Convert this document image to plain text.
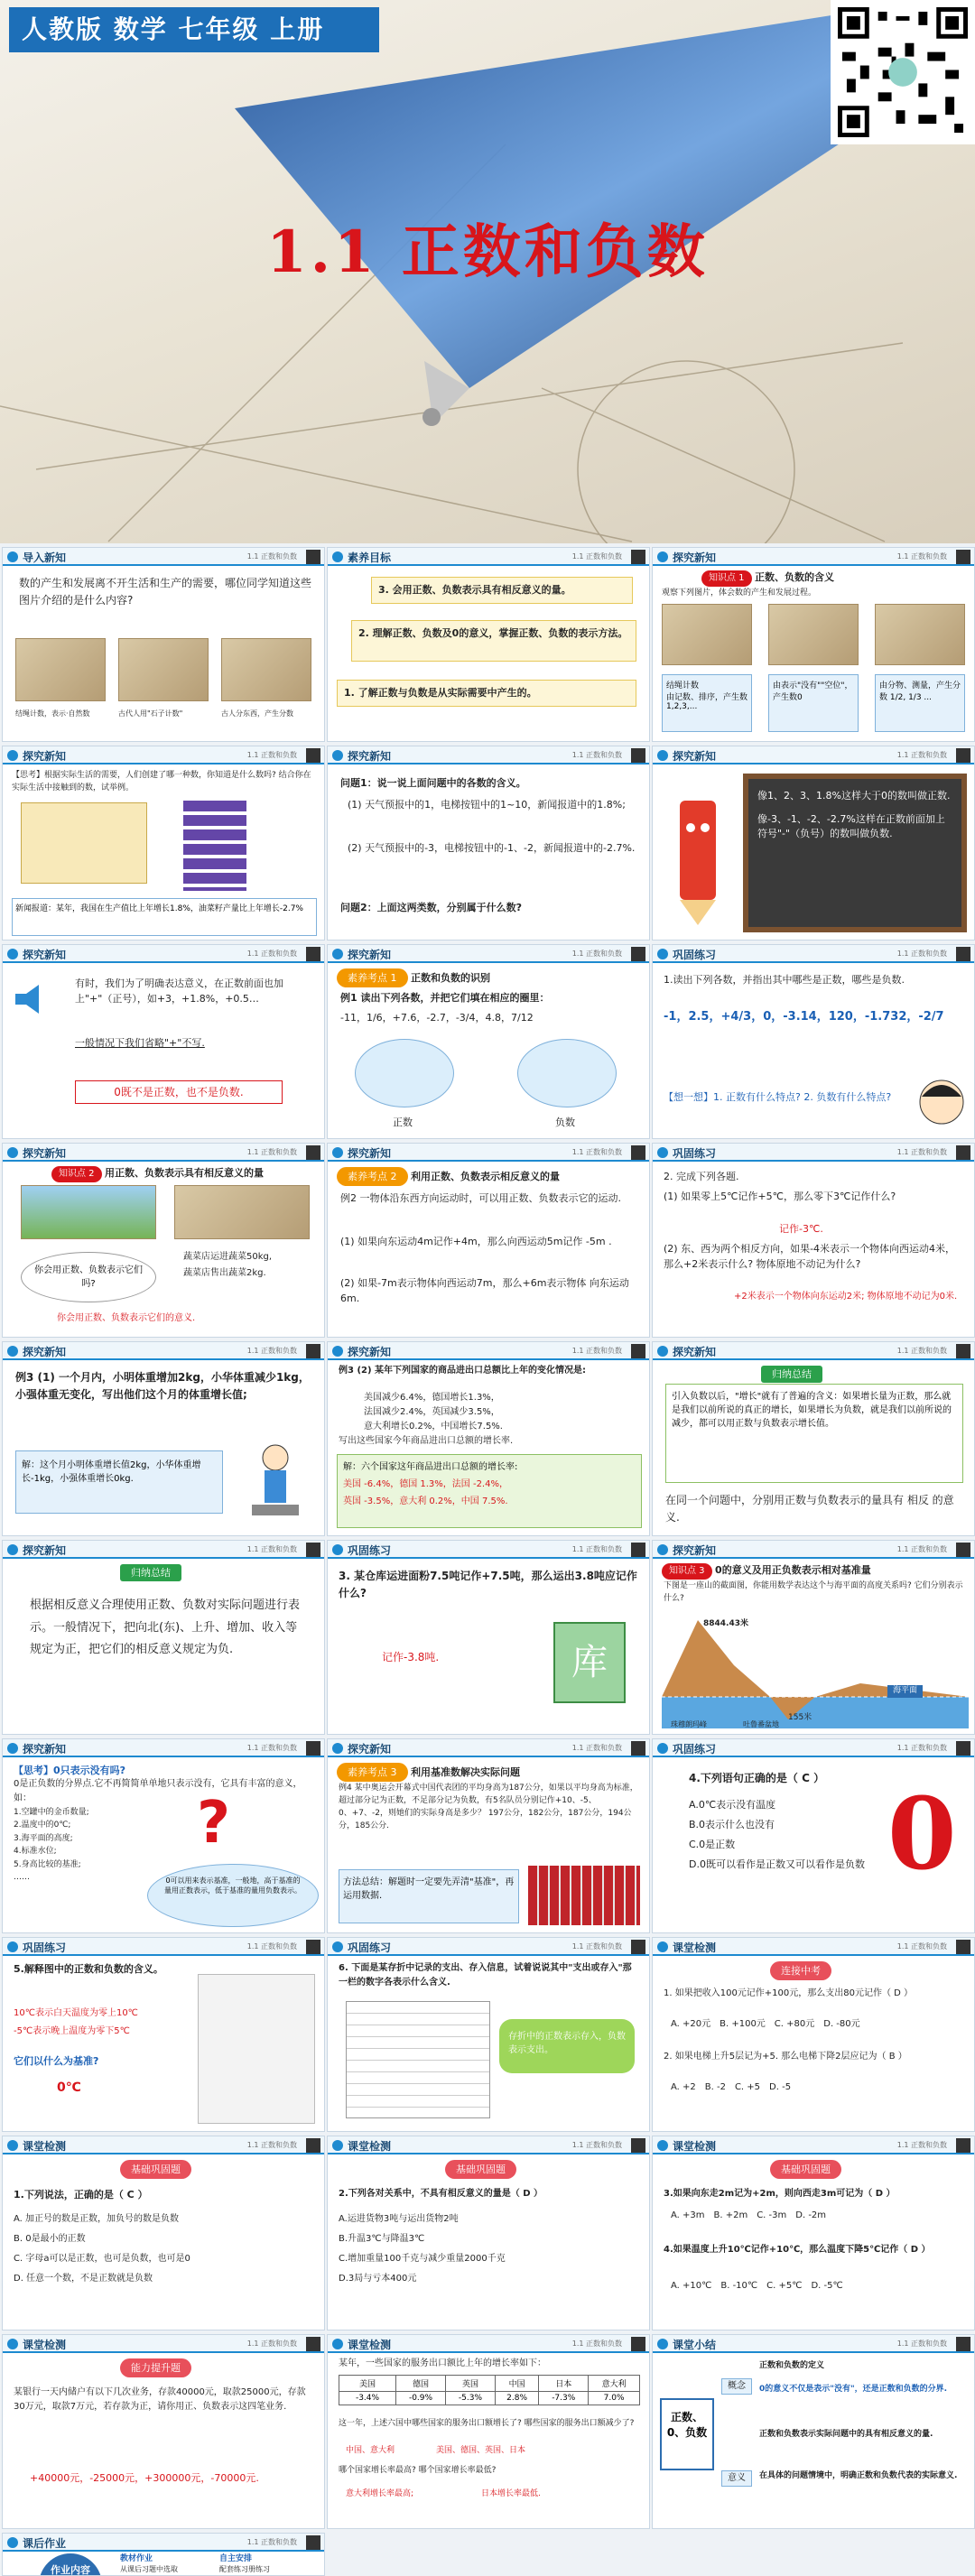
人教版 数学 七年级 上册
1.1 正数和负数
导入新知	1.1 正数和负数
数的产生和发展离不开生活和生产的需要，哪位同学知道这些图片介绍的是什么内容?
结绳计数，表示·自然数	古代人用"石子计数"	古人分东西，产生分数
素养目标	1.1 正数和负数
3. 会用正数、负数表示具有相反意义的量。
2. 理解正数、负数及0的意义，掌握正数、负数的表示方法。
1. 了解正数与负数是从实际需要中产生的。
探究新知	1.1 正数和负数
知识点 1 正数、负数的含义
观察下列图片，体会数的产生和发展过程。
结绳计数
由记数、排序，产生数1,2,3,...
由表示"没有""空位"，产生数0
由分物、测量，产生分数 1/2, 1/3 ...
探究新知	1.1 正数和负数
【思考】根据实际生活的需要，人们创建了哪一种数，你知道是什么数吗? 结合你在实际生活中接触到的数，试举例。
新闻报道：某年，我国在生产值比上年增长1.8%，油菜籽产量比上年增长-2.7%
探究新知	1.1 正数和负数
问题1：说一说上面问题中的各数的含义。
(1) 天气预报中的1，电梯按钮中的1~10，新闻报道中的1.8%;
(2) 天气预报中的-3，电梯按钮中的-1、-2，新闻报道中的-2.7%.
问题2：上面这两类数，分别属于什么数?
探究新知	1.1 正数和负数
像1、2、3、1.8%这样大于0的数叫做正数.
像-3、-1、-2、-2.7%这样在正数前面加上符号"-"（负号）的数叫做负数.
探究新知	1.1 正数和负数
有时，我们为了明确表达意义，在正数前面也加上"+"（正号），如+3，+1.8%，+0.5…
一般情况下我们省略"+"不写.
0既不是正数，也不是负数.
探究新知	1.1 正数和负数
素养考点 1 正数和负数的识别
例1 读出下列各数，并把它们填在相应的圈里：
-11，1/6，+7.6，-2.7，-3/4，4.8，7/12
正数	负数
巩固练习	1.1 正数和负数
1.读出下列各数，并指出其中哪些是正数，哪些是负数.
-1，2.5，+4/3，0，-3.14，120，-1.732，-2/7
【想一想】1. 正数有什么特点? 2. 负数有什么特点?
探究新知	1.1 正数和负数
知识点 2 用正数、负数表示具有相反意义的量
你会用正数、负数表示它们吗?
蔬菜店运进蔬菜50kg,
蔬菜店售出蔬菜2kg.
你会用正数、负数表示它们的意义.
探究新知	1.1 正数和负数
素养考点 2 利用正数、负数表示相反意义的量
例2 一物体沿东西方向运动时，可以用正数、负数表示它的运动.
(1) 如果向东运动4m记作+4m，那么向西运动5m记作 -5m .
(2) 如果-7m表示物体向西运动7m，那么+6m表示物体 向东运动6m.
巩固练习	1.1 正数和负数
2. 完成下列各题.
(1) 如果零上5℃记作+5℃，那么零下3℃记作什么?
记作-3℃.
(2) 东、西为两个相反方向，如果-4米表示一个物体向西运动4米，那么+2米表示什么? 物体原地不动记为什么?
+2米表示一个物体向东运动2米; 物体原地不动记为0米.
探究新知	1.1 正数和负数
例3 (1) 一个月内，小明体重增加2kg，小华体重减少1kg，小强体重无变化，写出他们这个月的体重增长值;
解：这个月小明体重增长值2kg，小华体重增长-1kg，小强体重增长0kg.
探究新知	1.1 正数和负数
例3 (2) 某年下列国家的商品进出口总额比上年的变化情况是:
美国减少6.4%，德国增长1.3%，
法国减少2.4%，英国减少3.5%，
意大利增长0.2%，中国增长7.5%.
写出这些国家今年商品进出口总额的增长率.
解：六个国家这年商品进出口总额的增长率:
美国 -6.4%，德国 1.3%，法国 -2.4%，
英国 -3.5%，意大利 0.2%，中国 7.5%.
探究新知	1.1 正数和负数
归纳总结
引入负数以后，"增长"就有了普遍的含义：如果增长量为正数，那么就是我们以前所说的真正的增长，如果增长为负数，就是我们以前所说的减少，都可以用正数与负数表示增长值。
在同一个问题中，分别用正数与负数表示的量具有 相反 的意义.
探究新知	1.1 正数和负数
归纳总结
根据相反意义合理使用正数、负数对实际问题进行表示。一般情况下，把向北(东)、上升、增加、收入等规定为正，把它们的相反意义规定为负.
巩固练习	1.1 正数和负数
3. 某仓库运进面粉7.5吨记作+7.5吨，那么运出3.8吨应记作什么?
记作-3.8吨.	库
探究新知	1.1 正数和负数
知识点 3 0的意义及用正负数表示相对基准量
下图是一座山的截面图，你能用数学表达这个与海平面的高度关系吗? 它们分别表示什么?
8844.43米
155米
珠穆朗玛峰	吐鲁番盆地
海平面
探究新知	1.1 正数和负数
【思考】0只表示没有吗?
0是正负数的分界点.它不再简简单单地只表示没有，它具有丰富的意义，如：
1.空罐中的金币数量;
2.温度中的0℃;
3.海平面的高度;
4.标准水位;
5.身高比较的基准;
……
?
0可以用来表示基准，一般地，高于基准的量用正数表示，低于基准的量用负数表示。
探究新知	1.1 正数和负数
素养考点 3 利用基准数解决实际问题
例4 某中奥运会开幕式中国代表团的平均身高为187公分，如果以平均身高为标准，超过部分记为正数，不足部分记为负数，有5名队员分别记作+10、-5、0、+7、-2，则她们的实际身高是多少？ 197公分，182公分，187公分，194公分，185公分.
方法总结：解题时一定要先弄清"基准"，再运用数据.
巩固练习	1.1 正数和负数
4.下列语句正确的是（ C ）
A.0℃表示没有温度
B.0表示什么也没有
C.0是正数
D.0既可以看作是正数又可以看作是负数 0
巩固练习	1.1 正数和负数
5.解释图中的正数和负数的含义。
10℃表示白天温度为零上10℃
-5℃表示晚上温度为零下5℃
它们以什么为基准?
0℃
巩固练习	1.1 正数和负数
6. 下面是某存折中记录的支出、存入信息，试着说说其中"支出或存入"那一栏的数字各表示什么含义.
存折中的正数表示存入，负数表示支出。
课堂检测	1.1 正数和负数
连接中考
1. 如果把收入100元记作+100元，那么支出80元记作（ D ）
A. +20元　B. +100元　C. +80元　D. -80元
2. 如果电梯上升5层记为+5. 那么电梯下降2层应记为（ B ）
A. +2　B. -2　C. +5　D. -5
课堂检测	1.1 正数和负数
基础巩固题
1.下列说法，正确的是（ C ）
A. 加正号的数是正数，加负号的数是负数
B. 0是最小的正数
C. 字母a可以是正数，也可是负数，也可是0
D. 任意一个数，不是正数就是负数
课堂检测	1.1 正数和负数
基础巩固题
2.下列各对关系中，不具有相反意义的量是（ D ）
A.运进货物3吨与运出货物2吨
B.升温3℃与降温3℃
C.增加重量100千克与减少重量2000千克
D.3局与亏本400元
课堂检测	1.1 正数和负数
基础巩固题
3.如果向东走2m记为+2m，则向西走3m可记为（ D ）
A. +3m　B. +2m　C. -3m　D. -2m
4.如果温度上升10℃记作+10℃，那么温度下降5℃记作（ D ）
A. +10℃　B. -10℃　C. +5℃　D. -5℃
课堂检测	1.1 正数和负数
能力提升题
某银行一天内储户有以下几次业务，存款40000元，取款25000元，存款30万元，取款7万元，若存款为正，请你用正、负数表示这四笔业务.
+40000元，-25000元，+300000元，-70000元.
课堂检测	1.1 正数和负数
某年，一些国家的服务出口额比上年的增长率如下：
美国	德国	英国	中国	日本	意大利
-3.4%	-0.9%	-5.3%	2.8%	-7.3%	7.0%
这一年，上述六国中哪些国家的服务出口额增长了? 哪些国家的服务出口额减少了?
中国、意大利	美国、德国、英国、日本
哪个国家增长率最高? 哪个国家增长率最低?
意大利增长率最高;	日本增长率最低.
课堂小结	1.1 正数和负数
正数、0、负数
概念
意义
正数和负数的定义
0的意义不仅是表示"没有"，还是正数和负数的分界.
正数和负数表示实际问题中的具有相反意义的量.
在具体的问题情境中，明确正数和负数代表的实际意义.
课后作业	1.1 正数和负数
作业内容
教材作业
从课后习题中选取
自主安排
配套练习册练习
